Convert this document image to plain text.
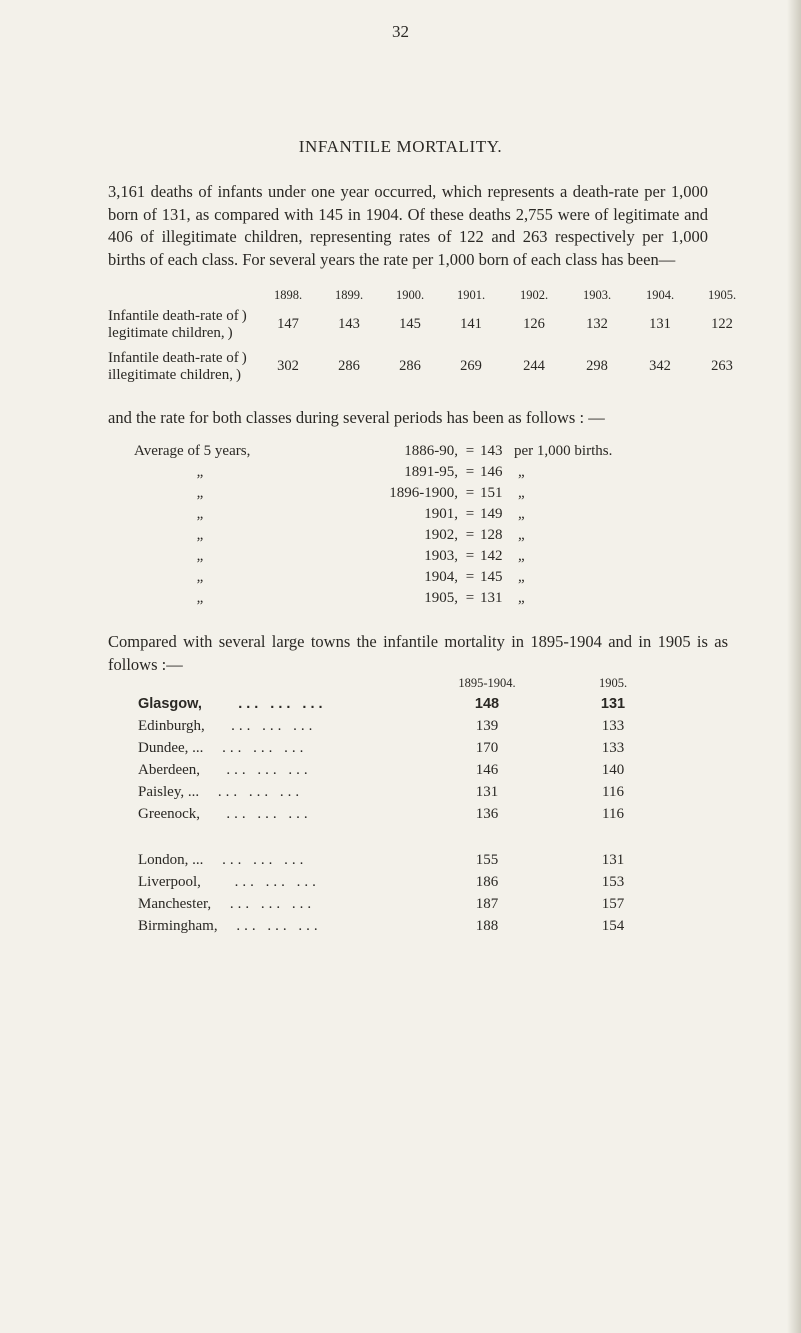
32
INFANTILE MORTALITY.

3,161 deaths of infants under one year occurred, which represents a death-rate per 1,000 born of 131, as compared with 145 in 1904. Of these deaths 2,755 were of legitimate and 406 of illegitimate children, representing rates of 122 and 263 respectively per 1,000 births of each class. For several years the rate per 1,000 born of each class has been—

1898.	1899.	1900.	1901.	1902.	1903.	1904.	1905.
Infantile death-rate of )
legitimate children, )
147	143	145	141	126	132	131	122
Infantile death-rate of )
illegitimate children, )
302	286	286	269	244	298	342	263

and the rate for both classes during several periods has been as follows : —

Average of 5 years,	1886-90, = 143 per 1,000 births.
„	1891-95, = 146	„
„	1896-1900, = 151	„
„	1901, = 149	„
„	1902, = 128	„
„	1903, = 142	„
„	1904, = 145	„
„	1905, = 131	„

Compared with several large towns the infantile mortality in 1895-1904 and in 1905 is as follows :—

1895-1904.	1905.
Glasgow,	... ... ...	148	131
Edinburgh, ... ... ...	139	133
Dundee, ... ... ... ...	170	133
Aberdeen, ... ... ...	146	140
Paisley, ... ... ... ...	131	116
Greenock, ... ... ...	136	116
London, ... ... ... ...	155	131
Liverpool, ... ... ...	186	153
Manchester, ... ... ...	187	157
Birmingham, ... ... ...	188	154
